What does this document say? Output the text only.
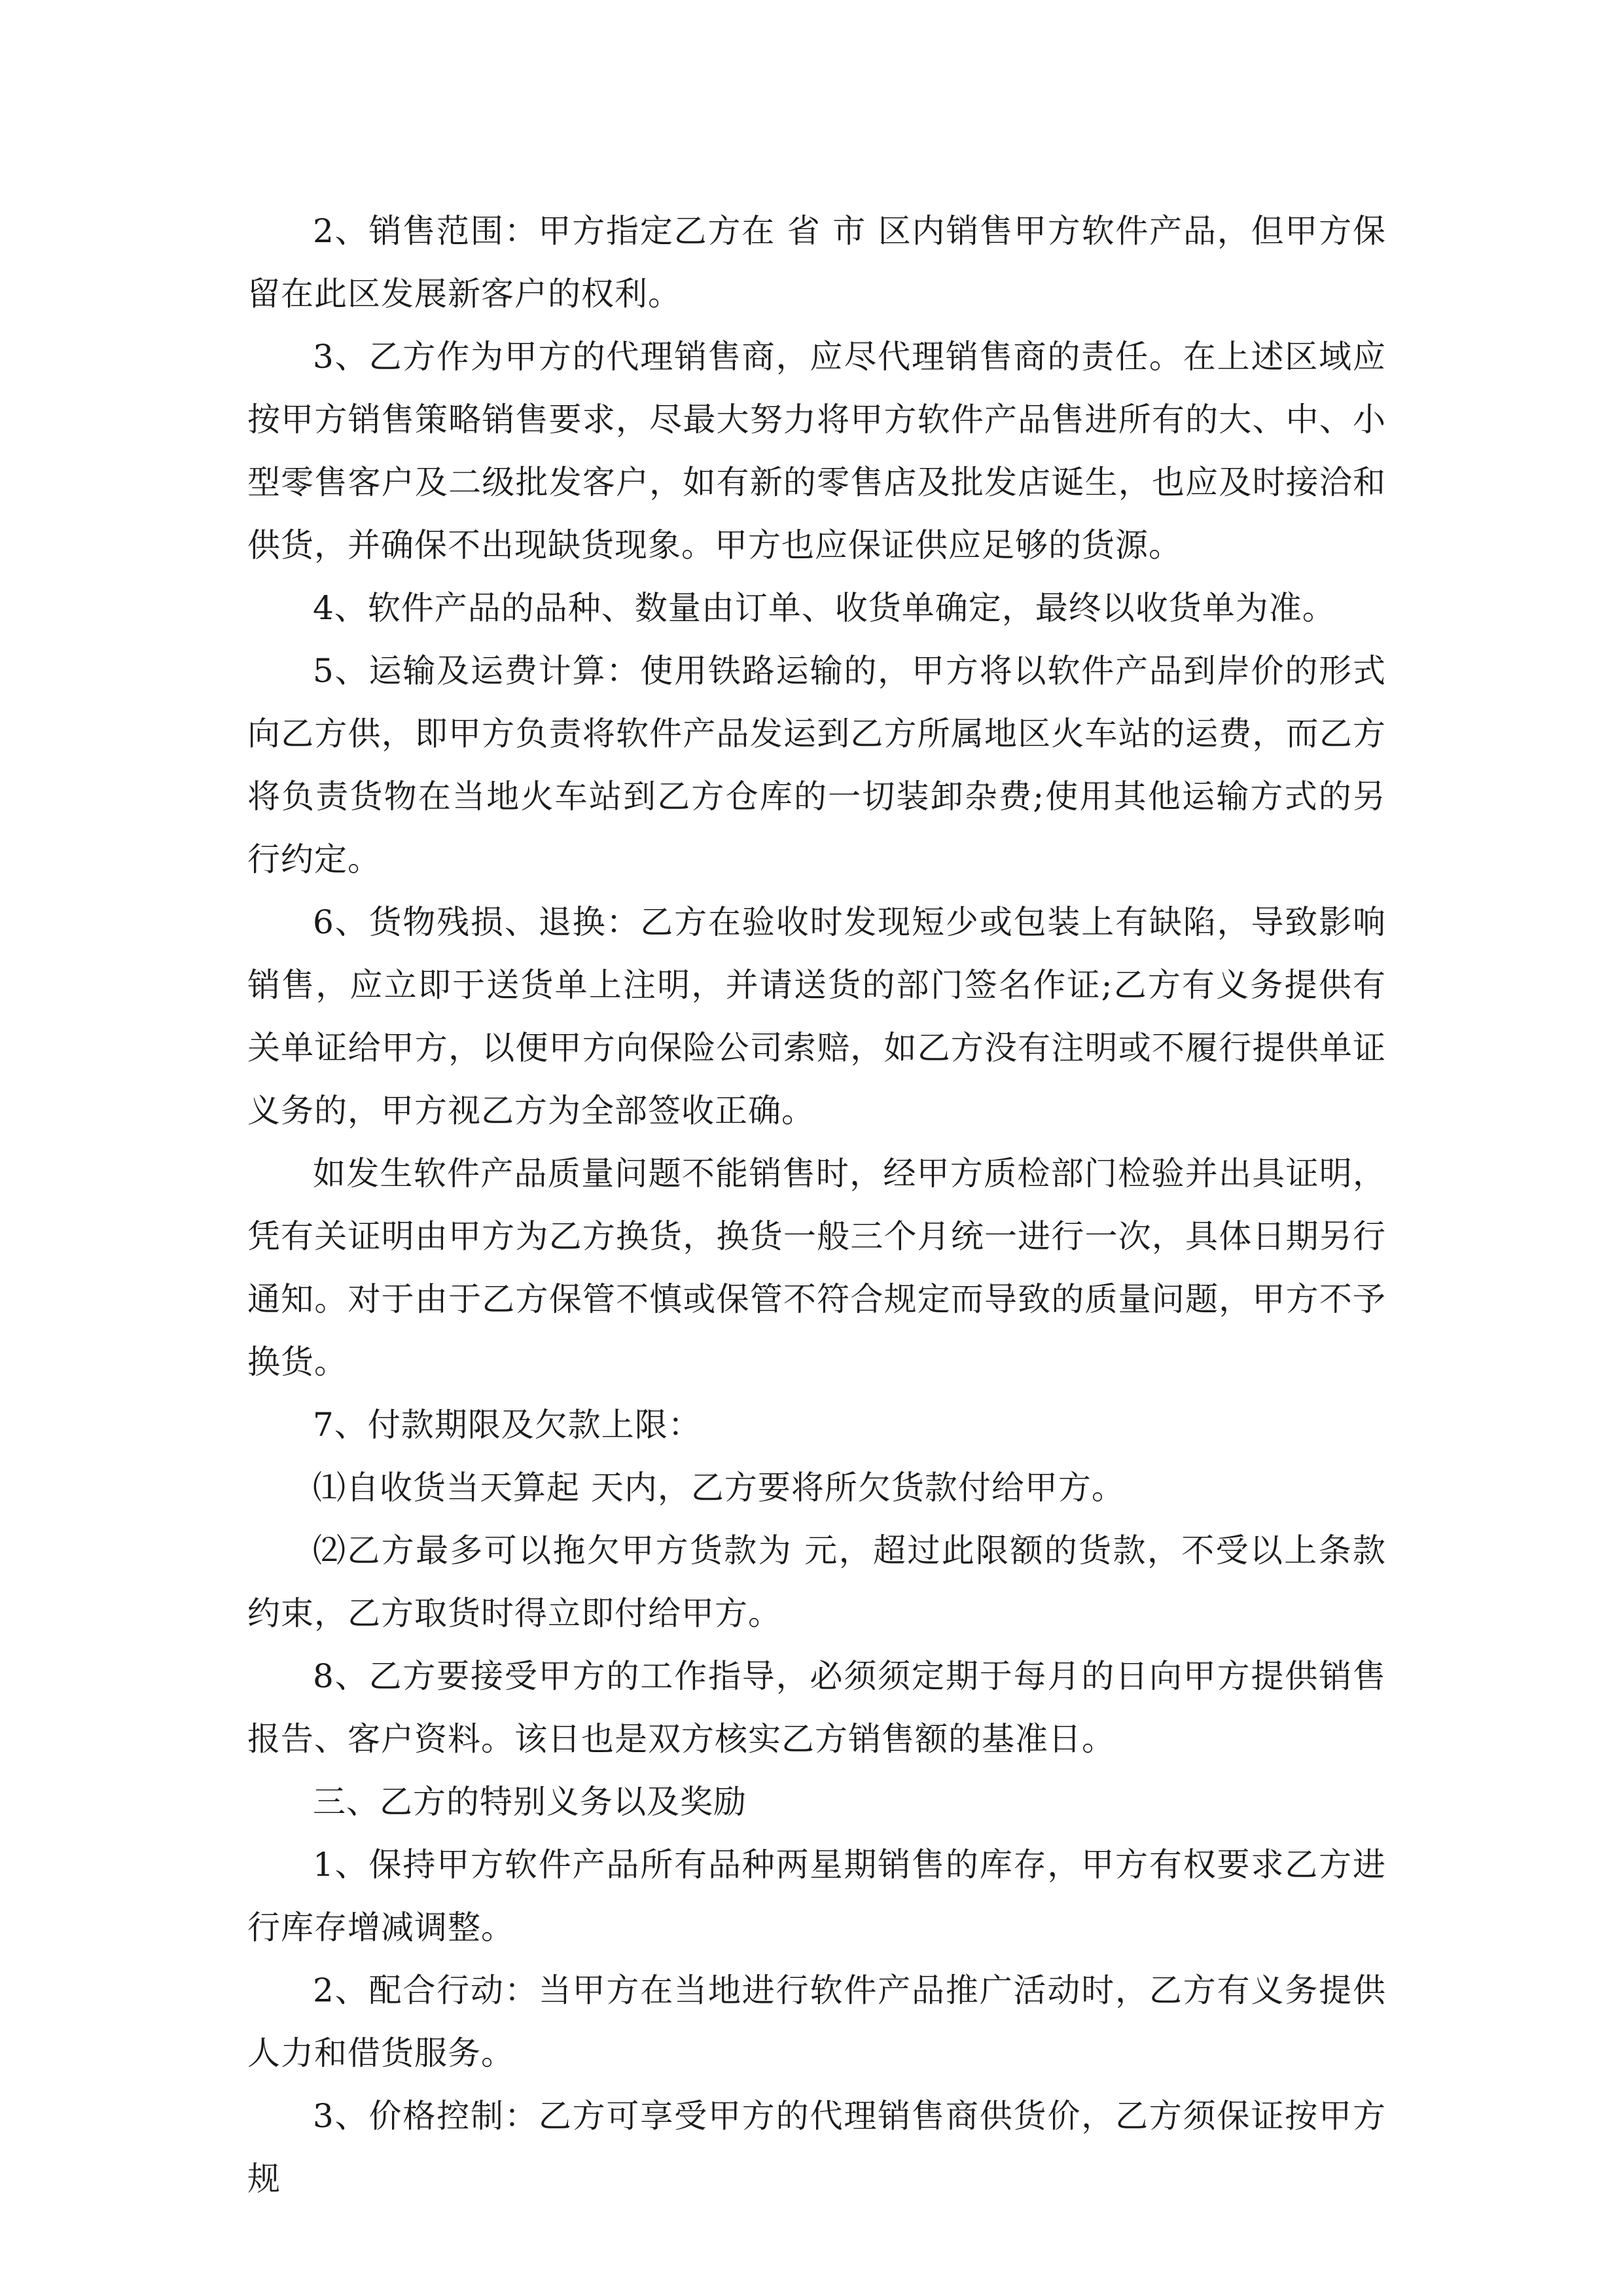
2、销售范围：甲方指定乙方在 省 市 区内销售甲方软件产品，但甲方保留在此区发展新客户的权利。

3、乙方作为甲方的代理销售商，应尽代理销售商的责任。在上述区域应按甲方销售策略销售要求，尽最大努力将甲方软件产品售进所有的大、中、小型零售客户及二级批发客户，如有新的零售店及批发店诞生，也应及时接洽和供货，并确保不出现缺货现象。甲方也应保证供应足够的货源。

4、软件产品的品种、数量由订单、收货单确定，最终以收货单为准。

5、运输及运费计算：使用铁路运输的，甲方将以软件产品到岸价的形式向乙方供，即甲方负责将软件产品发运到乙方所属地区火车站的运费，而乙方将负责货物在当地火车站到乙方仓库的一切装卸杂费;使用其他运输方式的另行约定。

6、货物残损、退换：乙方在验收时发现短少或包装上有缺陷，导致影响销售，应立即于送货单上注明，并请送货的部门签名作证;乙方有义务提供有关单证给甲方，以便甲方向保险公司索赔，如乙方没有注明或不履行提供单证义务的，甲方视乙方为全部签收正确。

如发生软件产品质量问题不能销售时，经甲方质检部门检验并出具证明，凭有关证明由甲方为乙方换货，换货一般三个月统一进行一次，具体日期另行通知。对于由于乙方保管不慎或保管不符合规定而导致的质量问题，甲方不予换货。

7、付款期限及欠款上限：

⑴自收货当天算起 天内，乙方要将所欠货款付给甲方。

⑵乙方最多可以拖欠甲方货款为 元，超过此限额的货款，不受以上条款约束，乙方取货时得立即付给甲方。

8、乙方要接受甲方的工作指导，必须须定期于每月的日向甲方提供销售报告、客户资料。该日也是双方核实乙方销售额的基准日。

三、乙方的特别义务以及奖励

1、保持甲方软件产品所有品种两星期销售的库存，甲方有权要求乙方进行库存增减调整。

2、配合行动：当甲方在当地进行软件产品推广活动时，乙方有义务提供人力和借货服务。

3、价格控制：乙方可享受甲方的代理销售商供货价，乙方须保证按甲方规
